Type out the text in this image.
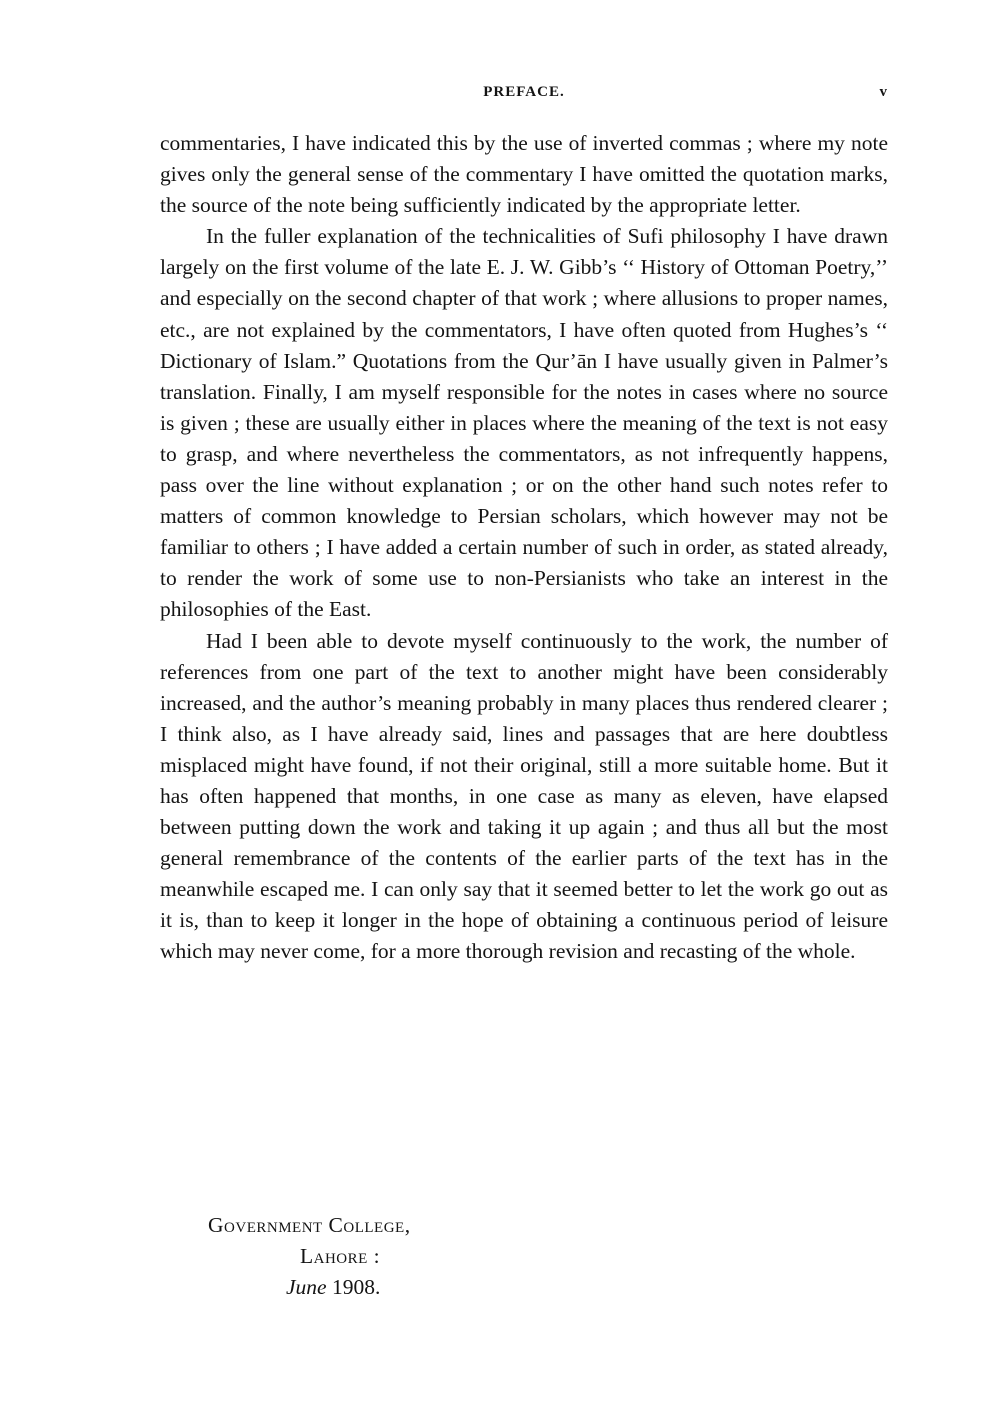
PREFACE.	v

commentaries, I have indicated this by the use of inverted commas ; where my note gives only the general sense of the commentary I have omitted the quotation marks, the source of the note being sufficiently indicated by the appropriate letter.

In the fuller explanation of the technicalities of Sufi philosophy I have drawn largely on the first volume of the late E. J. W. Gibb’s ‘‘ History of Ottoman Poetry,’’ and especially on the second chapter of that work ; where allusions to proper names, etc., are not explained by the commentators, I have often quoted from Hughes’s ‘‘ Dictionary of Islam.” Quotations from the Qur’ān I have usually given in Palmer’s translation. Finally, I am myself responsible for the notes in cases where no source is given ; these are usually either in places where the meaning of the text is not easy to grasp, and where nevertheless the commentators, as not infrequently happens, pass over the line without explanation ; or on the other hand such notes refer to matters of common knowledge to Persian scholars, which however may not be familiar to others ; I have added a certain number of such in order, as stated already, to render the work of some use to non-Persianists who take an interest in the philosophies of the East.

Had I been able to devote myself continuously to the work, the number of references from one part of the text to another might have been considerably increased, and the author’s meaning probably in many places thus rendered clearer ; I think also, as I have already said, lines and passages that are here doubtless misplaced might have found, if not their original, still a more suitable home. But it has often happened that months, in one case as many as eleven, have elapsed between putting down the work and taking it up again ; and thus all but the most general remembrance of the contents of the earlier parts of the text has in the meanwhile escaped me. I can only say that it seemed better to let the work go out as it is, than to keep it longer in the hope of obtaining a continuous period of leisure which may never come, for a more thorough revision and recasting of the whole.

Government College,
Lahore :
June 1908.
